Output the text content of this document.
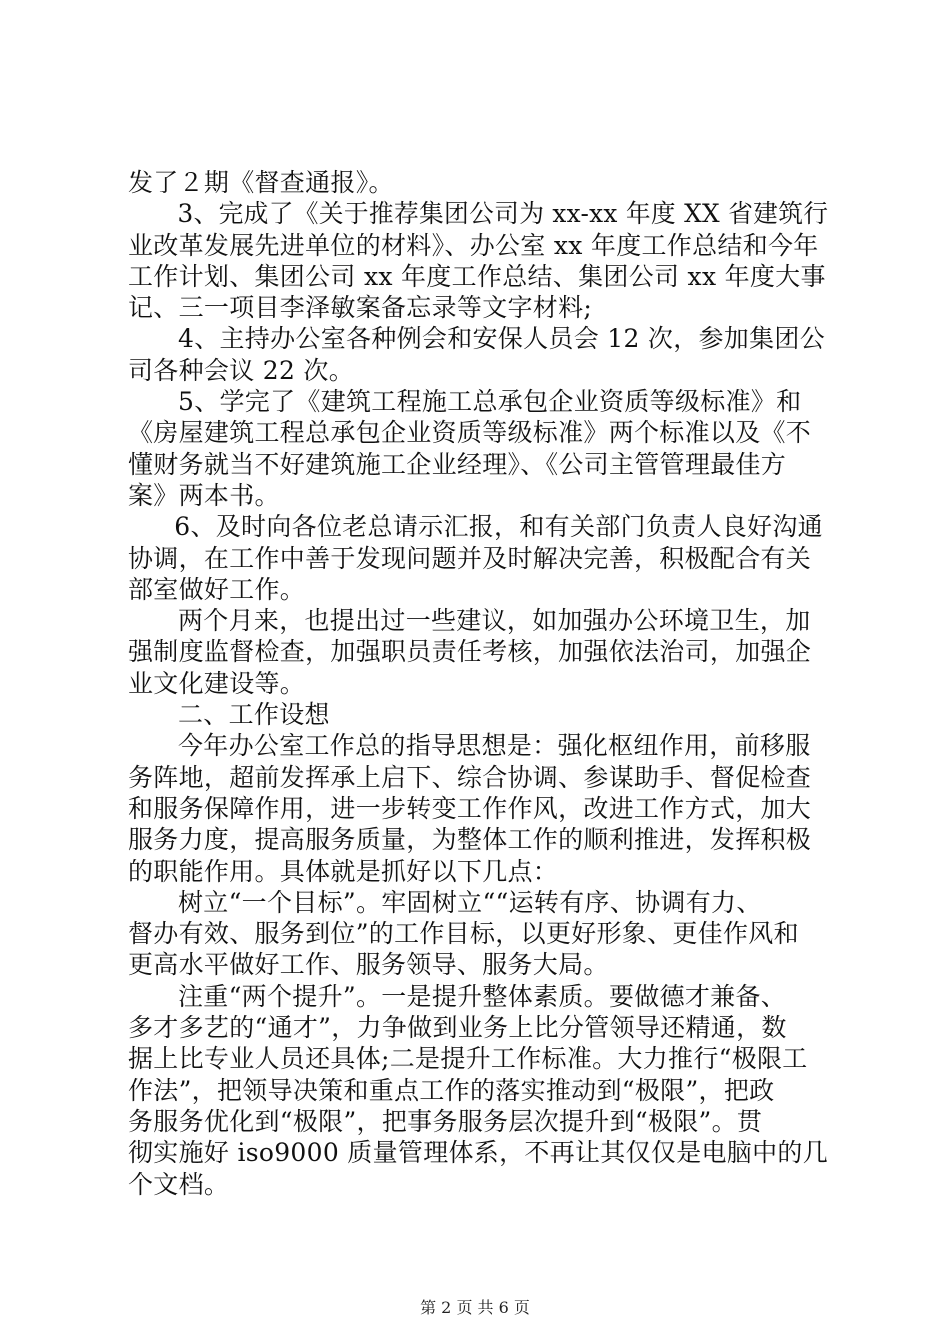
发了２期《督查通报》。
3、完成了《关于推荐集团公司为 xx-xx 年度 XX 省建筑行
业改革发展先进单位的材料》、办公室 xx 年度工作总结和今年
工作计划、集团公司 xx 年度工作总结、集团公司 xx 年度大事
记、三一项目李泽敏案备忘录等文字材料;
4、主持办公室各种例会和安保人员会 12 次，参加集团公
司各种会议 22 次。
5、学完了《建筑工程施工总承包企业资质等级标准》和
《房屋建筑工程总承包企业资质等级标准》两个标准以及《不
懂财务就当不好建筑施工企业经理》、《公司主管管理最佳方
案》两本书。
6、及时向各位老总请示汇报，和有关部门负责人良好沟通
协调，在工作中善于发现问题并及时解决完善，积极配合有关
部室做好工作。
两个月来，也提出过一些建议，如加强办公环境卫生，加
强制度监督检查，加强职员责任考核，加强依法治司，加强企
业文化建设等。
二、工作设想
今年办公室工作总的指导思想是：强化枢纽作用，前移服
务阵地，超前发挥承上启下、综合协调、参谋助手、督促检查
和服务保障作用，进一步转变工作作风，改进工作方式，加大
服务力度，提高服务质量，为整体工作的顺利推进，发挥积极
的职能作用。具体就是抓好以下几点：
树立“一个目标”。牢固树立““运转有序、协调有力、
督办有效、服务到位”的工作目标，以更好形象、更佳作风和
更高水平做好工作、服务领导、服务大局。
注重“两个提升”。一是提升整体素质。要做德才兼备、
多才多艺的“通才”，力争做到业务上比分管领导还精通，数
据上比专业人员还具体;二是提升工作标准。大力推行“极限工
作法”，把领导决策和重点工作的落实推动到“极限”，把政
务服务优化到“极限”，把事务服务层次提升到“极限”。贯
彻实施好 iso9000 质量管理体系，不再让其仅仅是电脑中的几
个文档。
第 2 页 共 6 页
